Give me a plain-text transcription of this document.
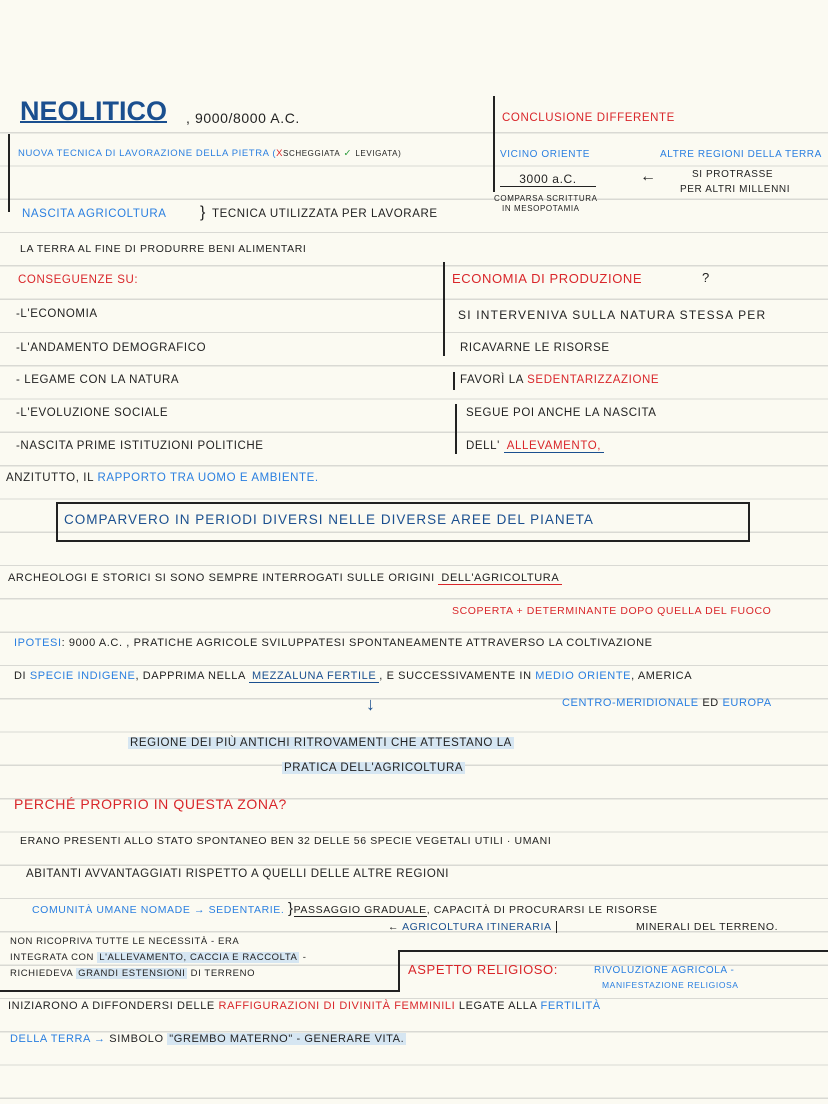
NEOLITICO , 9000/8000 A.C.
NUOVA TECNICA DI LAVORAZIONE DELLA PIETRA (XSCHEGGIATA ✓ LEVIGATA)
NASCITA AGRICOLTURA } TECNICA UTILIZZATA PER LAVORARE
LA TERRA AL FINE DI PRODURRE BENI ALIMENTARI
CONCLUSIONE DIFFERENTE
VICINO ORIENTE	ALTRE REGIONI DELLA TERRA
3000 a.C.
COMPARSA SCRITTURA
IN MESOPOTAMIA
←	SI PROTRASSE
PER ALTRI MILLENNI
CONSEGUENZE SU:
-L'ECONOMIA
-L'ANDAMENTO DEMOGRAFICO
- LEGAME CON LA NATURA
-L'EVOLUZIONE SOCIALE
-NASCITA PRIME ISTITUZIONI POLITICHE
ECONOMIA DI PRODUZIONE	?
SI INTERVENIVA SULLA NATURA STESSA PER
RICAVARNE LE RISORSE
FAVORÌ LA SEDENTARIZZAZIONE
SEGUE POI ANCHE LA NASCITA
DELL' ALLEVAMENTO,
ANZITUTTO, IL RAPPORTO TRA UOMO E AMBIENTE.
COMPARVERO IN PERIODI DIVERSI NELLE DIVERSE AREE DEL PIANETA
ARCHEOLOGI E STORICI SI SONO SEMPRE INTERROGATI SULLE ORIGINI DELL'AGRICOLTURA
SCOPERTA + DETERMINANTE DOPO QUELLA DEL FUOCO
IPOTESI: 9000 A.C. , PRATICHE AGRICOLE SVILUPPATESI SPONTANEAMENTE ATTRAVERSO LA COLTIVAZIONE
DI SPECIE INDIGENE, DAPPRIMA NELLA MEZZALUNA FERTILE , E SUCCESSIVAMENTE IN MEDIO ORIENTE, AMERICA
CENTRO-MERIDIONALE ED EUROPA
↓
REGIONE DEI PIÙ ANTICHI RITROVAMENTI CHE ATTESTANO LA
PRATICA DELL'AGRICOLTURA
PERCHÉ PROPRIO IN QUESTA ZONA?
ERANO PRESENTI ALLO STATO SPONTANEO BEN 32 DELLE 56 SPECIE VEGETALI UTILI · UMANI
ABITANTI AVVANTAGGIATI RISPETTO A QUELLI DELLE ALTRE REGIONI
COMUNITÀ UMANE NOMADE → SEDENTARIE. }PASSAGGIO GRADUALE, CAPACITÀ DI PROCURARSI LE RISORSE
← AGRICOLTURA ITINERARIA	MINERALI DEL TERRENO.
NON RICOPRIVA TUTTE LE NECESSITÀ - ERA
INTEGRATA CON L'ALLEVAMENTO, CACCIA E RACCOLTA -
RICHIEDEVA GRANDI ESTENSIONI DI TERRENO	ASPETTO RELIGIOSO:	RIVOLUZIONE AGRICOLA -
MANIFESTAZIONE RELIGIOSA
INIZIARONO A DIFFONDERSI DELLE RAFFIGURAZIONI DI DIVINITÀ FEMMINILI LEGATE ALLA FERTILITÀ
DELLA TERRA → SIMBOLO "GREMBO MATERNO" - GENERARE VITA.
